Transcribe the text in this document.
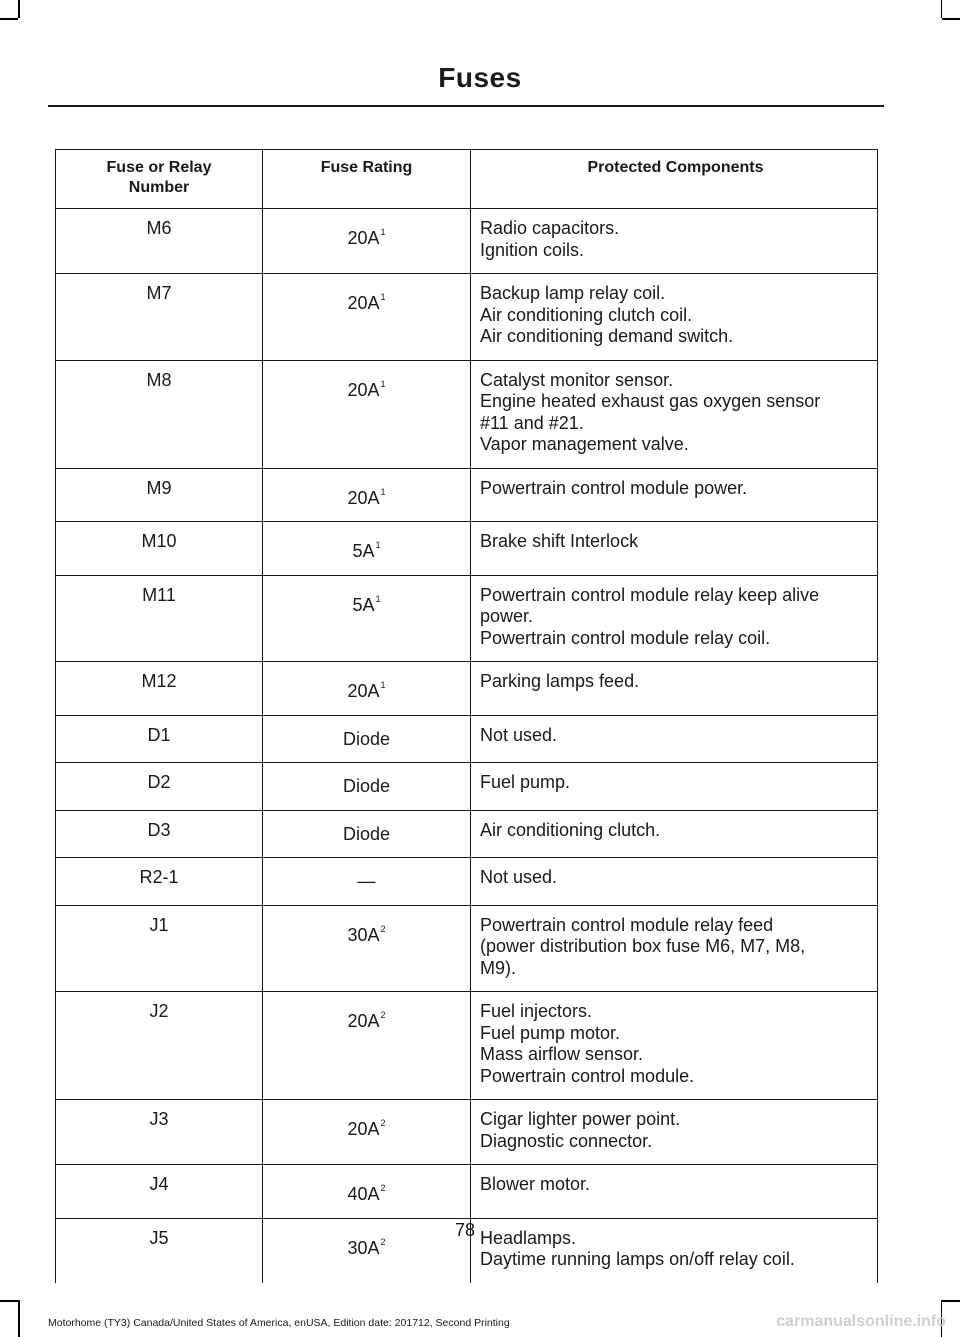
Fuses
Fuse or Relay Number	Fuse Rating	Protected Components
M6	$20A^1$	Radio capacitors.
Ignition coils.

M7	$20A^1$	Backup lamp relay coil.
Air conditioning clutch coil.
Air conditioning demand switch.

M8	$20A^1$	Catalyst monitor sensor.
Engine heated exhaust gas oxygen sensor
#11 and #21.
Vapor management valve.

M9	$20A^1$	Powertrain control module power.

M10	$5A^1$	Brake shift Interlock

M11	$5A^1$	Powertrain control module relay keep alive
power.
Powertrain control module relay coil.

M12	$20A^1$	Parking lamps feed.

D1	Diode	Not used.

D2	Diode	Fuel pump.

D3	Diode	Air conditioning clutch.

R2-1	—	Not used.

J1	$30A^2$	Powertrain control module relay feed
(power distribution box fuse M6, M7, M8,
M9).

J2	$20A^2$	Fuel injectors.
Fuel pump motor.
Mass airflow sensor.
Powertrain control module.

J3	$20A^2$	Cigar lighter power point.
Diagnostic connector.

J4	$40A^2$	Blower motor.

J5	$30A^2$	Headlamps.
Daytime running lamps on/off relay coil.
78
Motorhome (TY3) Canada/United States of America, enUSA, Edition date: 201712, Second Printing	carmanualsonline.info
